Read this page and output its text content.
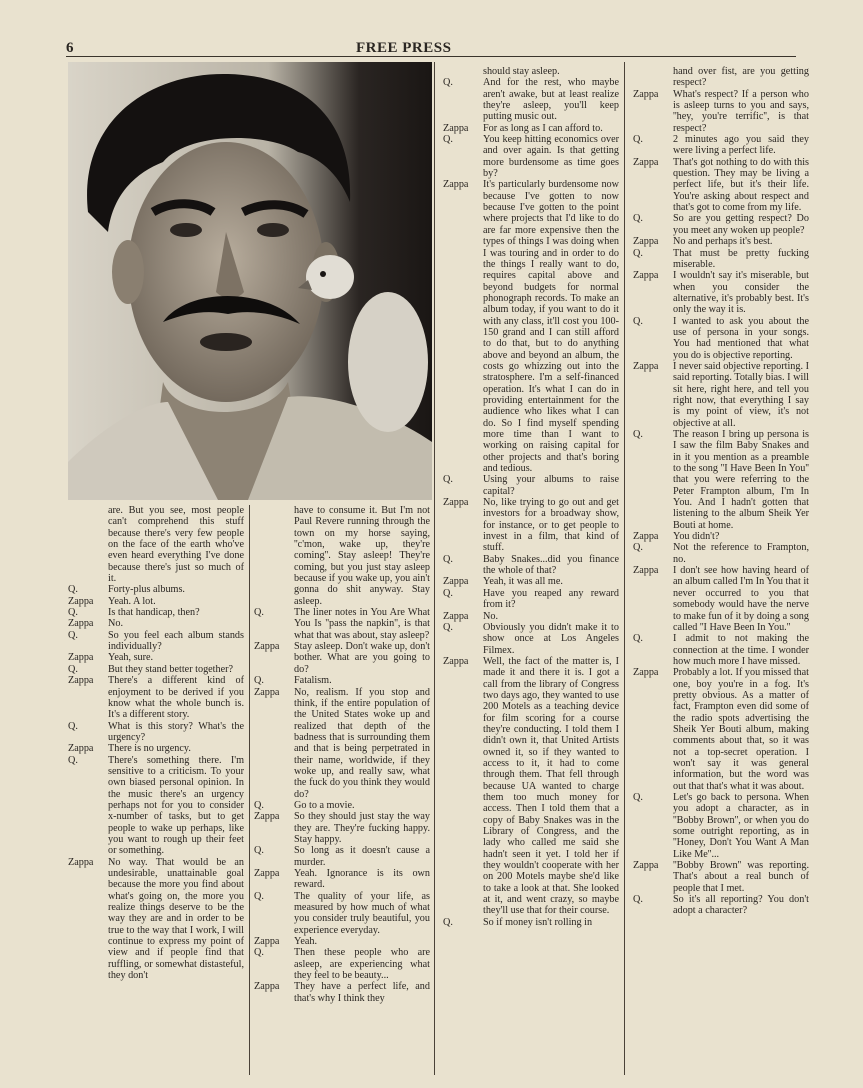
6	FREE PRESS
are. But you see, most people can't comprehend this stuff because there's very few people on the face of the earth who've even heard everything I've done because there's just so much of it.
Q.	Forty-plus albums.
Zappa	Yeah. A lot.
Q.	Is that handicap, then?
Zappa	No.
Q.	So you feel each album stands individually?
Zappa	Yeah, sure.
Q.	But they stand better together?
Zappa	There's a different kind of enjoyment to be derived if you know what the whole bunch is. It's a different story.
Q.	What is this story? What's the urgency?
Zappa	There is no urgency.
Q.	There's something there. I'm sensitive to a criticism. To your own biased personal opinion. In the music there's an urgency perhaps not for you to consider x-number of tasks, but to get people to wake up perhaps, like you want to rough up their feet or something.
Zappa	No way. That would be an undesirable, unattainable goal because the more you find about what's going on, the more you realize things deserve to be the way they are and in order to be true to the way that I work, I will continue to express my point of view and if people find that ruffling, or somewhat distasteful, they don't
have to consume it. But I'm not Paul Revere running through the town on my horse saying, ''c'mon, wake up, they're coming''. Stay asleep! They're coming, but you just stay asleep because if you wake up, you ain't gonna do shit anyway. Stay asleep.
Q.	The liner notes in You Are What You Is ''pass the napkin'', is that what that was about, stay asleep?
Zappa	Stay asleep. Don't wake up, don't bother. What are you going to do?
Q.	Fatalism.
Zappa	No, realism. If you stop and think, if the entire population of the United States woke up and realized that depth of the badness that is surrounding them and that is being perpetrated in their name, worldwide, if they woke up, and really saw, what the fuck do you think they would do?
Q.	Go to a movie.
Zappa	So they should just stay the way they are. They're fucking happy. Stay happy.
Q.	So long as it doesn't cause a murder.
Zappa	Yeah. Ignorance is its own reward.
Q.	The quality of your life, as measured by how much of what you consider truly beautiful, you experience everyday.
Zappa	Yeah.
Q.	Then these people who are asleep, are experiencing what they feel to be beauty...
Zappa	They have a perfect life, and that's why I think they
should stay asleep.
Q.	And for the rest, who maybe aren't awake, but at least realize they're asleep, you'll keep putting music out.
Zappa	For as long as I can afford to.
Q.	You keep hitting economics over and over again. Is that getting more burdensome as time goes by?
Zappa	It's particularly burdensome now because I've gotten to now because I've gotten to the point where projects that I'd like to do are far more expensive then the types of things I was doing when I was touring and in order to do the things I really want to do, requires capital above and beyond budgets for normal phonograph records. To make an album today, if you want to do it with any class, it'll cost you 100-150 grand and I can still afford to do that, but to do anything above and beyond an album, the costs go whizzing out into the stratosphere. I'm a self-financed operation. It's what I can do in providing entertainment for the audience who likes what I can do. So I find myself spending more time than I want to working on raising capital for other projects and that's boring and tedious.
Q.	Using your albums to raise capital?
Zappa	No, like trying to go out and get investors for a broadway show, for instance, or to get people to invest in a film, that kind of stuff.
Q.	Baby Snakes...did you finance the whole of that?
Zappa	Yeah, it was all me.
Q.	Have you reaped any reward from it?
Zappa	No.
Q.	Obviously you didn't make it to show once at Los Angeles Filmex.
Zappa	Well, the fact of the matter is, I made it and there it is. I got a call from the library of Congress two days ago, they wanted to use 200 Motels as a teaching device for film scoring for a course they're conducting. I told them I didn't own it, that United Artists owned it, so if they wanted to access to it, it had to come through them. That fell through because UA wanted to charge them too much money for access. Then I told them that a copy of Baby Snakes was in the Library of Congress, and the lady who called me said she hadn't seen it yet. I told her if they wouldn't cooperate with her on 200 Motels maybe she'd like to take a look at that. She looked at it, and went crazy, so maybe they'll use that for their course.
Q.	So if money isn't rolling in
hand over fist, are you getting respect?
Zappa	What's respect? If a person who is asleep turns to you and says, ''hey, you're terrific'', is that respect?
Q.	2 minutes ago you said they were living a perfect life.
Zappa	That's got nothing to do with this question. They may be living a perfect life, but it's their life. You're asking about respect and that's got to come from my life.
Q.	So are you getting respect? Do you meet any woken up people?
Zappa	No and perhaps it's best.
Q.	That must be pretty fucking miserable.
Zappa	I wouldn't say it's miserable, but when you consider the alternative, it's probably best. It's only the way it is.
Q.	I wanted to ask you about the use of persona in your songs. You had mentioned that what you do is objective reporting.
Zappa	I never said objective reporting. I said reporting. Totally bias. I will sit here, right here, and tell you right now, that everything I say is my point of view, it's not objective at all.
Q.	The reason I bring up persona is I saw the film Baby Snakes and in it you mention as a preamble to the song ''I Have Been In You'' that you were referring to the Peter Frampton album, I'm In You. And I hadn't gotten that listening to the album Sheik Yer Bouti at home.
Zappa	You didn't?
Q.	Not the reference to Frampton, no.
Zappa	I don't see how having heard of an album called I'm In You that it never occurred to you that somebody would have the nerve to make fun of it by doing a song called ''I Have Been In You.''
Q.	I admit to not making the connection at the time. I wonder how much more I have missed.
Zappa	Probably a lot. If you missed that one, boy you're in a fog. It's pretty obvious. As a matter of fact, Frampton even did some of the radio spots advertising the Sheik Yer Bouti album, making comments about that, so it was not a top-secret operation. I won't say it was general information, but the word was out that that's what it was about.
Q.	Let's go back to persona. When you adopt a character, as in ''Bobby Brown'', or when you do some outright reporting, as in ''Honey, Don't You Want A Man Like Me''...
Zappa	''Bobby Brown'' was reporting. That's about a real bunch of people that I met.
Q.	So it's all reporting? You don't adopt a character?
